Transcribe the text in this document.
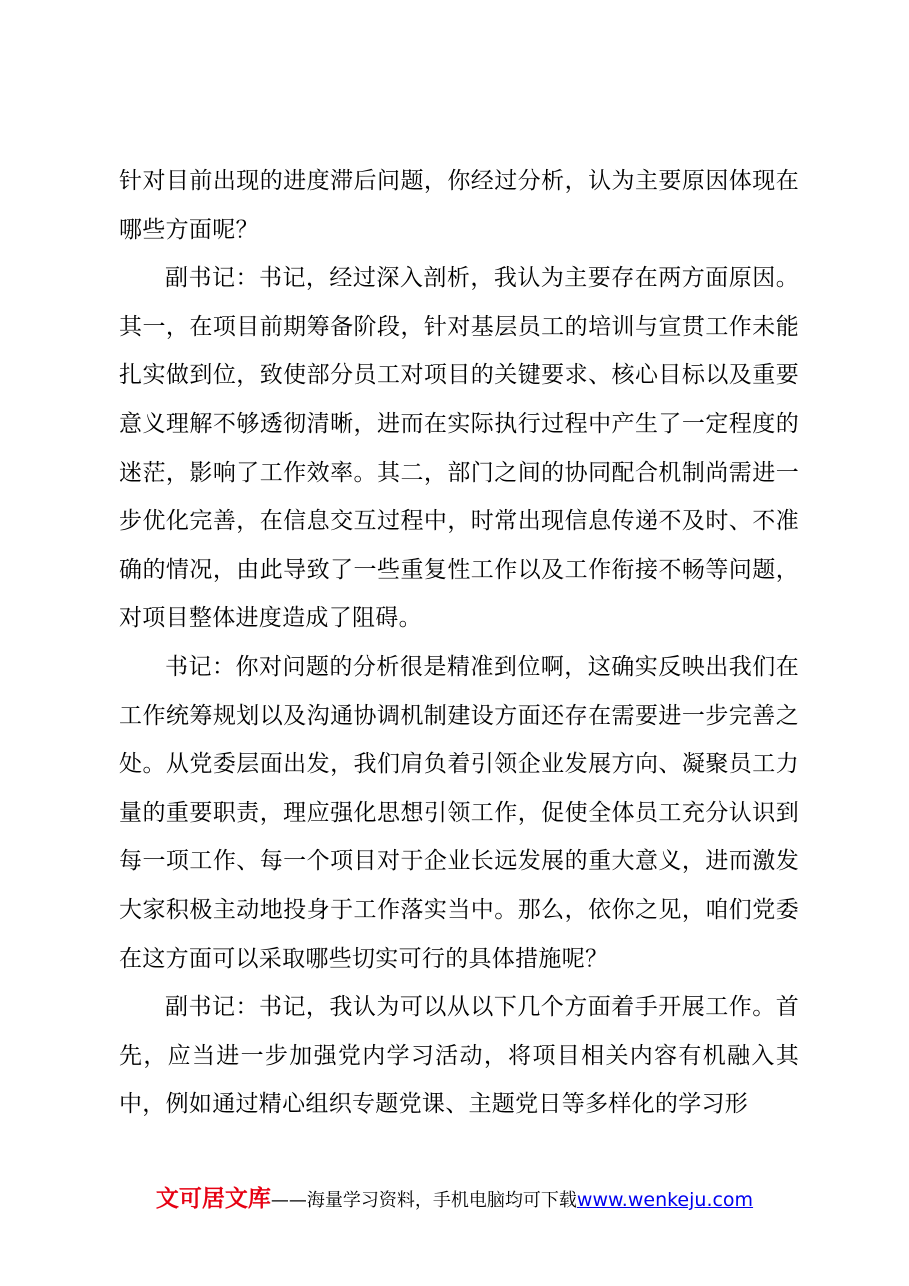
针对目前出现的进度滞后问题，你经过分析，认为主要原因体现在哪些方面呢？

副书记：书记，经过深入剖析，我认为主要存在两方面原因。其一，在项目前期筹备阶段，针对基层员工的培训与宣贯工作未能扎实做到位，致使部分员工对项目的关键要求、核心目标以及重要意义理解不够透彻清晰，进而在实际执行过程中产生了一定程度的迷茫，影响了工作效率。其二，部门之间的协同配合机制尚需进一步优化完善，在信息交互过程中，时常出现信息传递不及时、不准确的情况，由此导致了一些重复性工作以及工作衔接不畅等问题，对项目整体进度造成了阻碍。

书记：你对问题的分析很是精准到位啊，这确实反映出我们在工作统筹规划以及沟通协调机制建设方面还存在需要进一步完善之处。从党委层面出发，我们肩负着引领企业发展方向、凝聚员工力量的重要职责，理应强化思想引领工作，促使全体员工充分认识到每一项工作、每一个项目对于企业长远发展的重大意义，进而激发大家积极主动地投身于工作落实当中。那么，依你之见，咱们党委在这方面可以采取哪些切实可行的具体措施呢？

副书记：书记，我认为可以从以下几个方面着手开展工作。首先，应当进一步加强党内学习活动，将项目相关内容有机融入其中，例如通过精心组织专题党课、主题党日等多样化的学习形

文可居文库——海量学习资料，手机电脑均可下载www.wenkeju.com
